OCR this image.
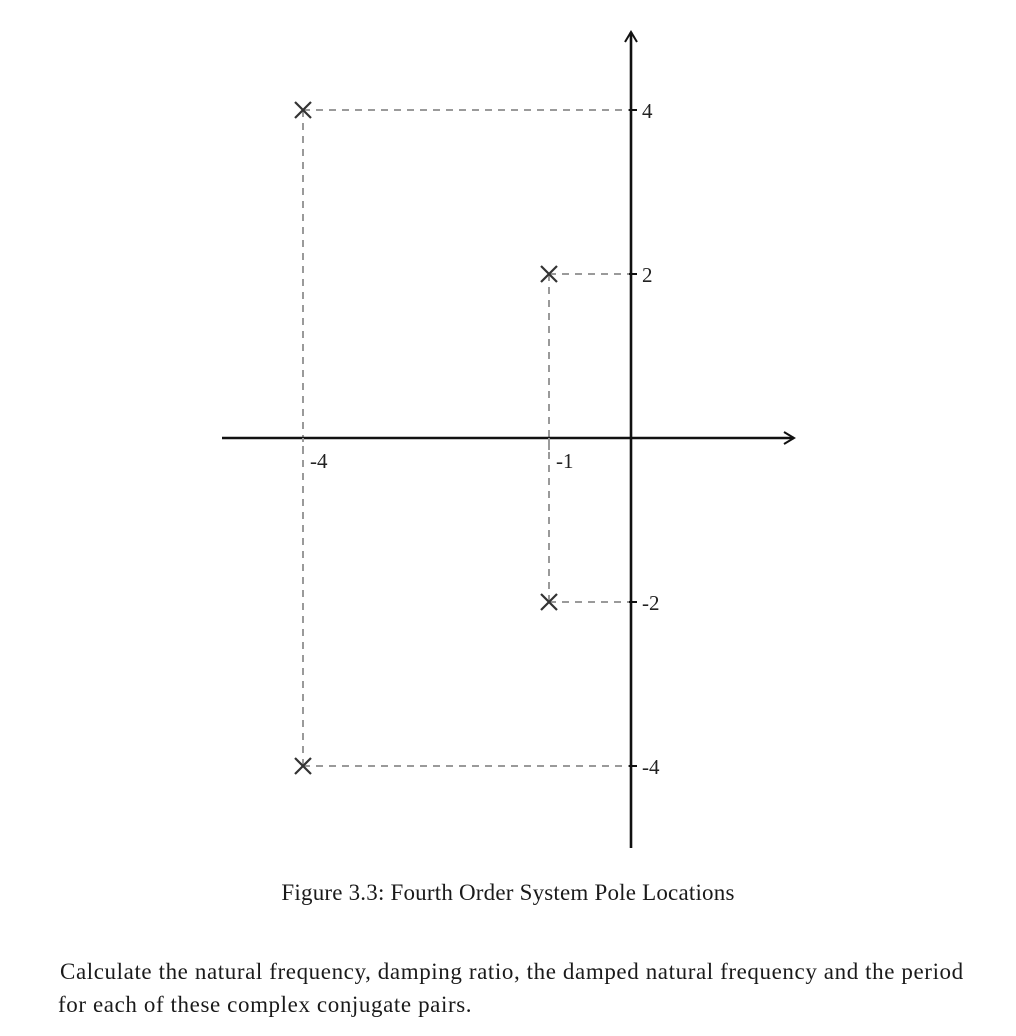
-4	-1
4
2
-2
-4
Figure 3.3: Fourth Order System Pole Locations
Calculate the natural frequency, damping ratio, the damped natural frequency and the period for each of these complex conjugate pairs.
